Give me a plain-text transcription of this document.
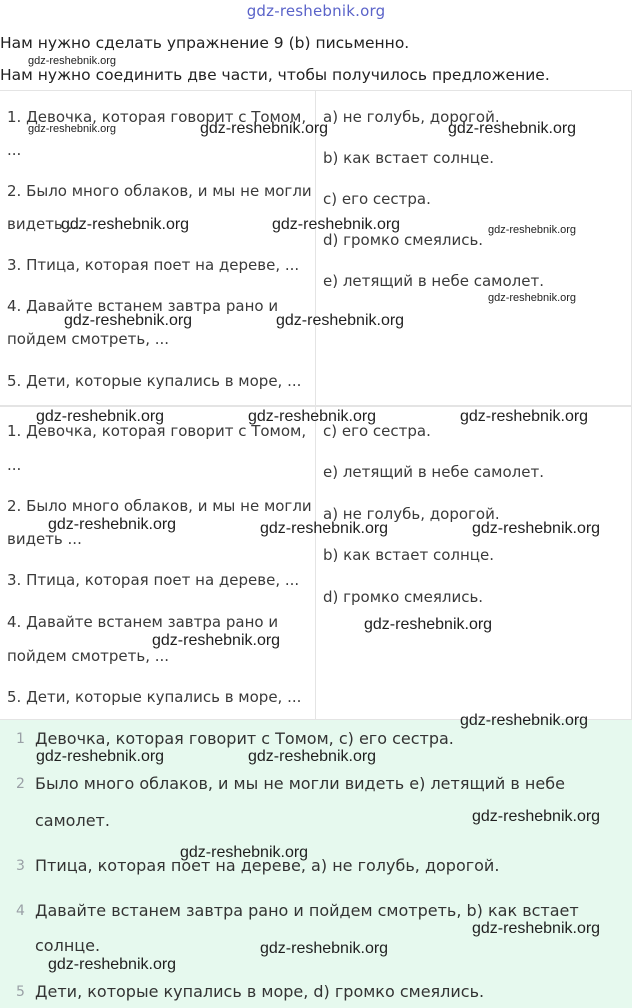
gdz-reshebnik.org
Нам нужно сделать упражнение 9 (b) письменно.
Нам нужно соединить две части, чтобы получилось предложение.
1. Девочка, которая говорит с Томом,
...
2. Было много облаков, и мы не могли
видеть ...
3. Птица, которая поет на дереве, ...
4. Давайте встанем завтра рано и
пойдем смотреть, ...
5. Дети, которые купались в море, ...
a) не голубь, дорогой.
b) как встает солнце.
c) его сестра.
d) громко смеялись.
e) летящий в небе самолет.
1. Девочка, которая говорит с Томом,
...
2. Было много облаков, и мы не могли
видеть ...
3. Птица, которая поет на дереве, ...
4. Давайте встанем завтра рано и
пойдем смотреть, ...
5. Дети, которые купались в море, ...
c) его сестра.
e) летящий в небе самолет.
a) не голубь, дорогой.
b) как встает солнце.
d) громко смеялись.
1 Девочка, которая говорит с Томом, c) его сестра.
2 Было много облаков, и мы не могли видеть e) летящий в небе
самолет.
3 Птица, которая поет на дереве, a) не голубь, дорогой.
4 Давайте встанем завтра рано и пойдем смотреть, b) как встает
солнце.
5 Дети, которые купались в море, d) громко смеялись.
gdz-reshebnik.org
gdz-reshebnik.org	gdz-reshebnik.org	gdz-reshebnik.org
gdz-reshebnik.org	gdz-reshebnik.org	gdz-reshebnik.org
gdz-reshebnik.org
gdz-reshebnik.org	gdz-reshebnik.org
gdz-reshebnik.org	gdz-reshebnik.org	gdz-reshebnik.org
gdz-reshebnik.org	gdz-reshebnik.org	gdz-reshebnik.org
gdz-reshebnik.org
gdz-reshebnik.org
gdz-reshebnik.org
gdz-reshebnik.org	gdz-reshebnik.org
gdz-reshebnik.org
gdz-reshebnik.org
gdz-reshebnik.org
gdz-reshebnik.org
gdz-reshebnik.org
